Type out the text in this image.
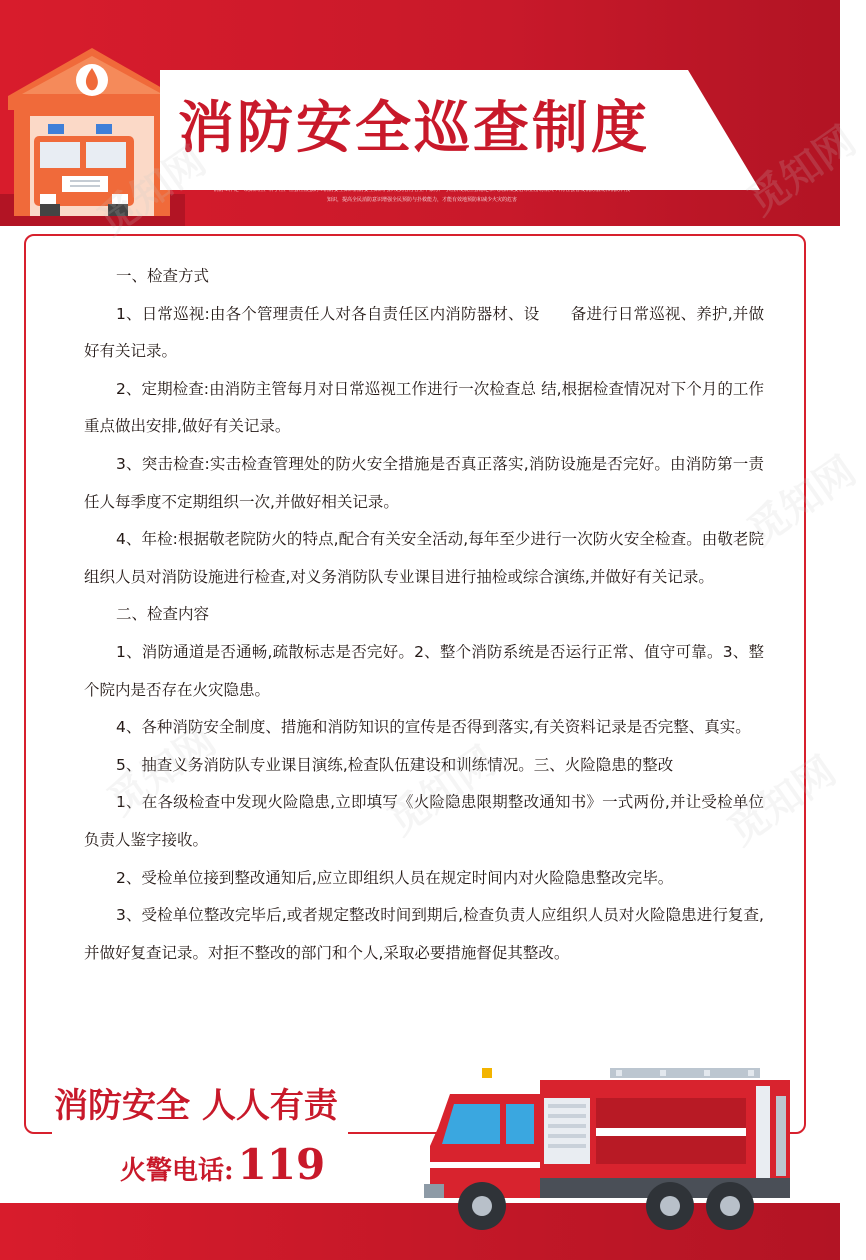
消防安全巡查制度
消防工作是一项知识性、科学性、社会性很强的工消防安全知识消防安全知识内涉及到各行各业千家万户与经济发展社会稳定和人民群众安居乐业密切相关 只有社会普及消防法规和消防科技知识，提高全民消防意识增强全民预防与扑救能力，才能有效地预防和减少火灾的危害

一、检查方式

1、日常巡视:由各个管理责任人对各自责任区内消防器材、设　　备进行日常巡视、养护,并做好有关记录。

2、定期检查:由消防主管每月对日常巡视工作进行一次检查总 结,根据检查情况对下个月的工作重点做出安排,做好有关记录。

3、突击检查:实击检查管理处的防火安全措施是否真正落实,消防设施是否完好。由消防第一责任人每季度不定期组织一次,并做好相关记录。

4、年检:根据敬老院防火的特点,配合有关安全活动,每年至少进行一次防火安全检查。由敬老院组织人员对消防设施进行检查,对义务消防队专业课目进行抽检或综合演练,并做好有关记录。

二、检查内容

1、消防通道是否通畅,疏散标志是否完好。2、整个消防系统是否运行正常、值守可靠。3、整个院内是否存在火灾隐患。

4、各种消防安全制度、措施和消防知识的宣传是否得到落实,有关资料记录是否完整、真实。

5、抽查义务消防队专业课目演练,检查队伍建设和训练情况。三、火险隐患的整改

1、在各级检查中发现火险隐患,立即填写《火险隐患限期整改通知书》一式两份,并让受检单位负责人鉴字接收。

2、受检单位接到整改通知后,应立即组织人员在规定时间内对火险隐患整改完毕。

3、受检单位整改完毕后,或者规定整改时间到期后,检查负责人应组织人员对火险隐患进行复查,并做好复查记录。对拒不整改的部门和个人,采取必要措施督促其整改。

消防安全 人人有责
火警电话:119
